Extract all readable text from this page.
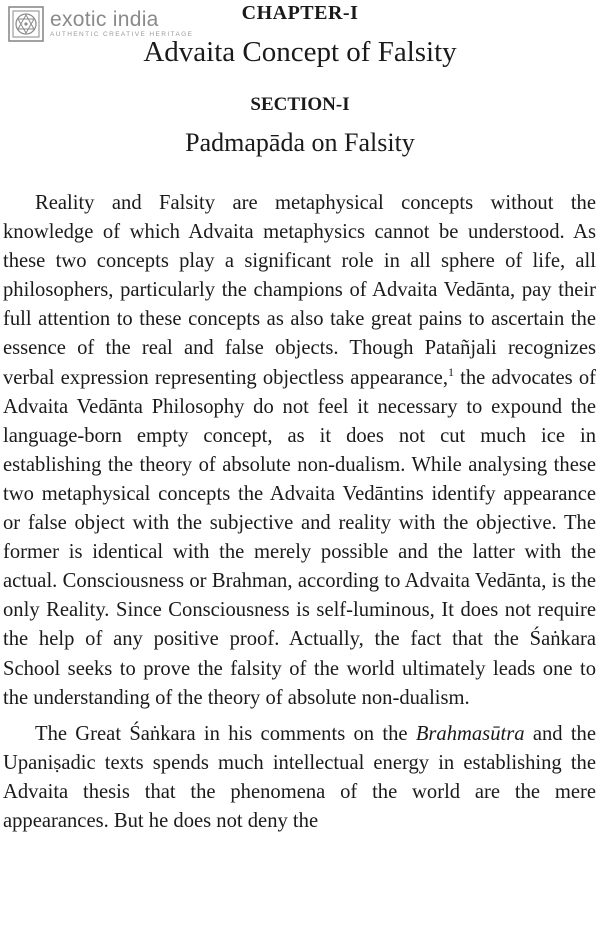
exotic india
AUTHENTIC CREATIVE HERITAGE
CHAPTER-I
Advaita Concept of Falsity
SECTION-I
Padmapāda on Falsity

Reality and Falsity are metaphysical concepts without the knowledge of which Advaita metaphysics cannot be understood. As these two concepts play a significant role in all sphere of life, all philosophers, particularly the champions of Advaita Vedānta, pay their full attention to these concepts as also take great pains to ascertain the essence of the real and false objects. Though Patañjali recognizes verbal expression representing objectless appearance,$^1$ the advocates of Advaita Vedānta Philosophy do not feel it necessary to expound the language-born empty concept, as it does not cut much ice in establishing the theory of absolute non-dualism. While analysing these two metaphysical concepts the Advaita Vedāntins identify appearance or false object with the subjective and reality with the objective. The former is identical with the merely possible and the latter with the actual. Consciousness or Brahman, according to Advaita Vedānta, is the only Reality. Since Consciousness is self-luminous, It does not require the help of any positive proof. Actually, the fact that the Śaṅkara School seeks to prove the falsity of the world ultimately leads one to the understanding of the theory of absolute non-dualism.

The Great Śaṅkara in his comments on the Brahmasūtra and the Upaniṣadic texts spends much intellectual energy in establishing the Advaita thesis that the phenomena of the world are the mere appearances. But he does not deny the
